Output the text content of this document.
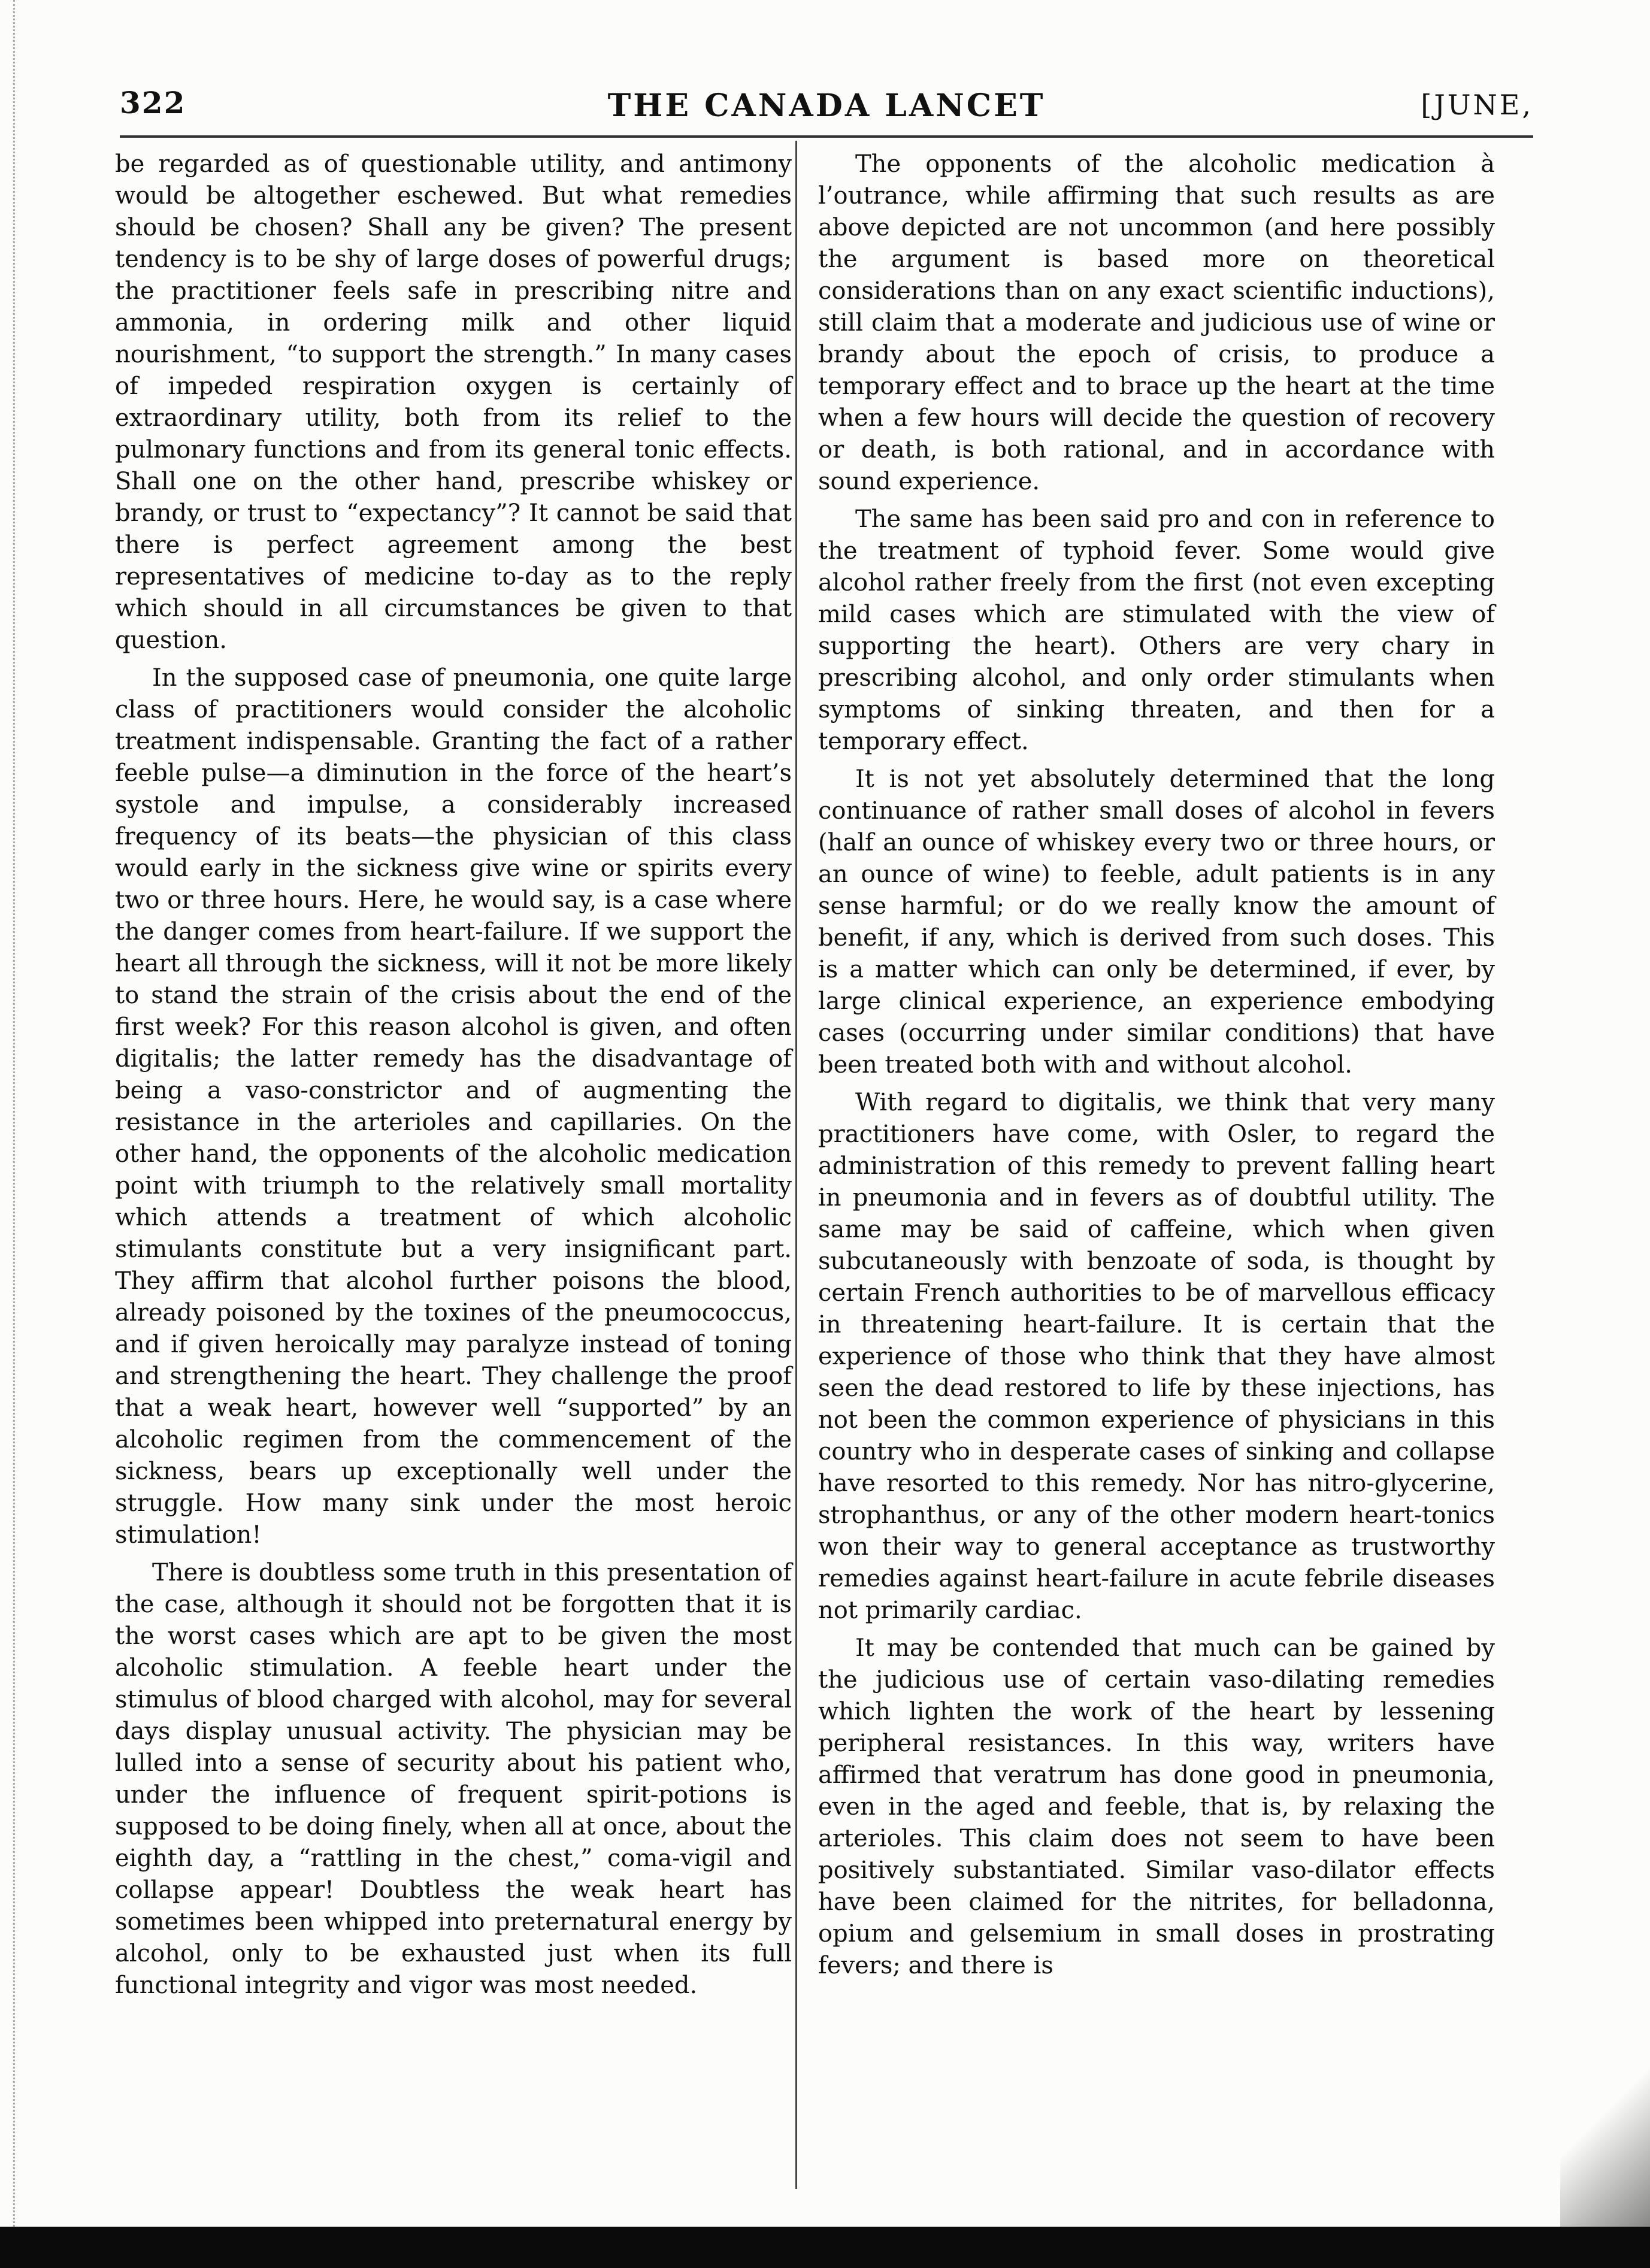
322	THE CANADA LANCET	[JUNE,

be regarded as of questionable utility, and antimony would be altogether eschewed. But what remedies should be chosen? Shall any be given? The present tendency is to be shy of large doses of powerful drugs; the practitioner feels safe in prescribing nitre and ammonia, in ordering milk and other liquid nourishment, “to support the strength.” In many cases of impeded respiration oxygen is certainly of extraordinary utility, both from its relief to the pulmonary functions and from its general tonic effects. Shall one on the other hand, prescribe whiskey or brandy, or trust to “expectancy”? It cannot be said that there is perfect agreement among the best representatives of medicine to-day as to the reply which should in all circumstances be given to that question.

In the supposed case of pneumonia, one quite large class of practitioners would consider the alcoholic treatment indispensable. Granting the fact of a rather feeble pulse—a diminution in the force of the heart’s systole and impulse, a considerably increased frequency of its beats—the physician of this class would early in the sickness give wine or spirits every two or three hours. Here, he would say, is a case where the danger comes from heart-failure. If we support the heart all through the sickness, will it not be more likely to stand the strain of the crisis about the end of the first week? For this reason alcohol is given, and often digitalis; the latter remedy has the disadvantage of being a vaso-constrictor and of augmenting the resistance in the arterioles and capillaries. On the other hand, the opponents of the alcoholic medication point with triumph to the relatively small mortality which attends a treatment of which alcoholic stimulants constitute but a very insignificant part. They affirm that alcohol further poisons the blood, already poisoned by the toxines of the pneumococcus, and if given heroically may paralyze instead of toning and strengthening the heart. They challenge the proof that a weak heart, however well “supported” by an alcoholic regimen from the commencement of the sickness, bears up exceptionally well under the struggle. How many sink under the most heroic stimulation!

There is doubtless some truth in this presentation of the case, although it should not be forgotten that it is the worst cases which are apt to be given the most alcoholic stimulation. A feeble heart under the stimulus of blood charged with alcohol, may for several days display unusual activity. The physician may be lulled into a sense of security about his patient who, under the influence of frequent spirit-potions is supposed to be doing finely, when all at once, about the eighth day, a “rattling in the chest,” coma-vigil and collapse appear! Doubtless the weak heart has sometimes been whipped into preternatural energy by alcohol, only to be exhausted just when its full functional integrity and vigor was most needed.

The opponents of the alcoholic medication à l’outrance, while affirming that such results as are above depicted are not uncommon (and here possibly the argument is based more on theoretical considerations than on any exact scientific inductions), still claim that a moderate and judicious use of wine or brandy about the epoch of crisis, to produce a temporary effect and to brace up the heart at the time when a few hours will decide the question of recovery or death, is both rational, and in accordance with sound experience.

The same has been said pro and con in reference to the treatment of typhoid fever. Some would give alcohol rather freely from the first (not even excepting mild cases which are stimulated with the view of supporting the heart). Others are very chary in prescribing alcohol, and only order stimulants when symptoms of sinking threaten, and then for a temporary effect.

It is not yet absolutely determined that the long continuance of rather small doses of alcohol in fevers (half an ounce of whiskey every two or three hours, or an ounce of wine) to feeble, adult patients is in any sense harmful; or do we really know the amount of benefit, if any, which is derived from such doses. This is a matter which can only be determined, if ever, by large clinical experience, an experience embodying cases (occurring under similar conditions) that have been treated both with and without alcohol.

With regard to digitalis, we think that very many practitioners have come, with Osler, to regard the administration of this remedy to prevent falling heart in pneumonia and in fevers as of doubtful utility. The same may be said of caffeine, which when given subcutaneously with benzoate of soda, is thought by certain French authorities to be of marvellous efficacy in threatening heart-failure. It is certain that the experience of those who think that they have almost seen the dead restored to life by these injections, has not been the common experience of physicians in this country who in desperate cases of sinking and collapse have resorted to this remedy. Nor has nitro-glycerine, strophanthus, or any of the other modern heart-tonics won their way to general acceptance as trustworthy remedies against heart-failure in acute febrile diseases not primarily cardiac.

It may be contended that much can be gained by the judicious use of certain vaso-dilating remedies which lighten the work of the heart by lessening peripheral resistances. In this way, writers have affirmed that veratrum has done good in pneumonia, even in the aged and feeble, that is, by relaxing the arterioles. This claim does not seem to have been positively substantiated. Similar vaso-dilator effects have been claimed for the nitrites, for belladonna, opium and gelsemium in small doses in prostrating fevers; and there is
